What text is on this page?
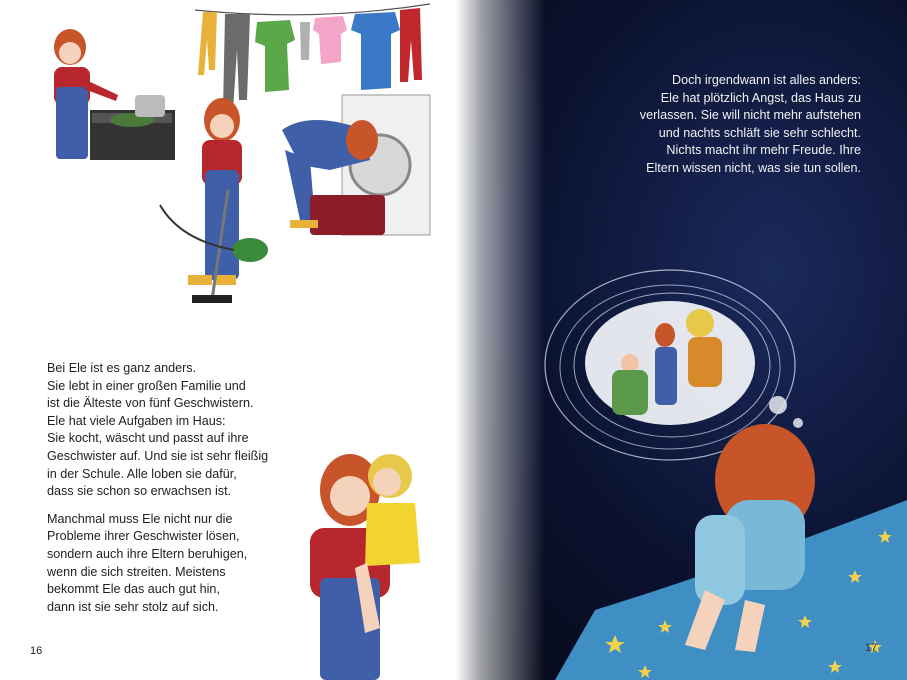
Bei Ele ist es ganz anders.
Sie lebt in einer großen Familie und
ist die Älteste von fünf Geschwistern.
Ele hat viele Aufgaben im Haus:
Sie kocht, wäscht und passt auf ihre
Geschwister auf. Und sie ist sehr fleißig
in der Schule. Alle loben sie dafür,
dass sie schon so erwachsen ist.

Manchmal muss Ele nicht nur die
Probleme ihrer Geschwister lösen,
sondern auch ihre Eltern beruhigen,
wenn die sich streiten. Meistens
bekommt Ele das auch gut hin,
dann ist sie sehr stolz auf sich.

16

Doch irgendwann ist alles anders:
Ele hat plötzlich Angst, das Haus zu
verlassen. Sie will nicht mehr aufstehen
und nachts schläft sie sehr schlecht.
Nichts macht ihr mehr Freude. Ihre
Eltern wissen nicht, was sie tun sollen.

17
